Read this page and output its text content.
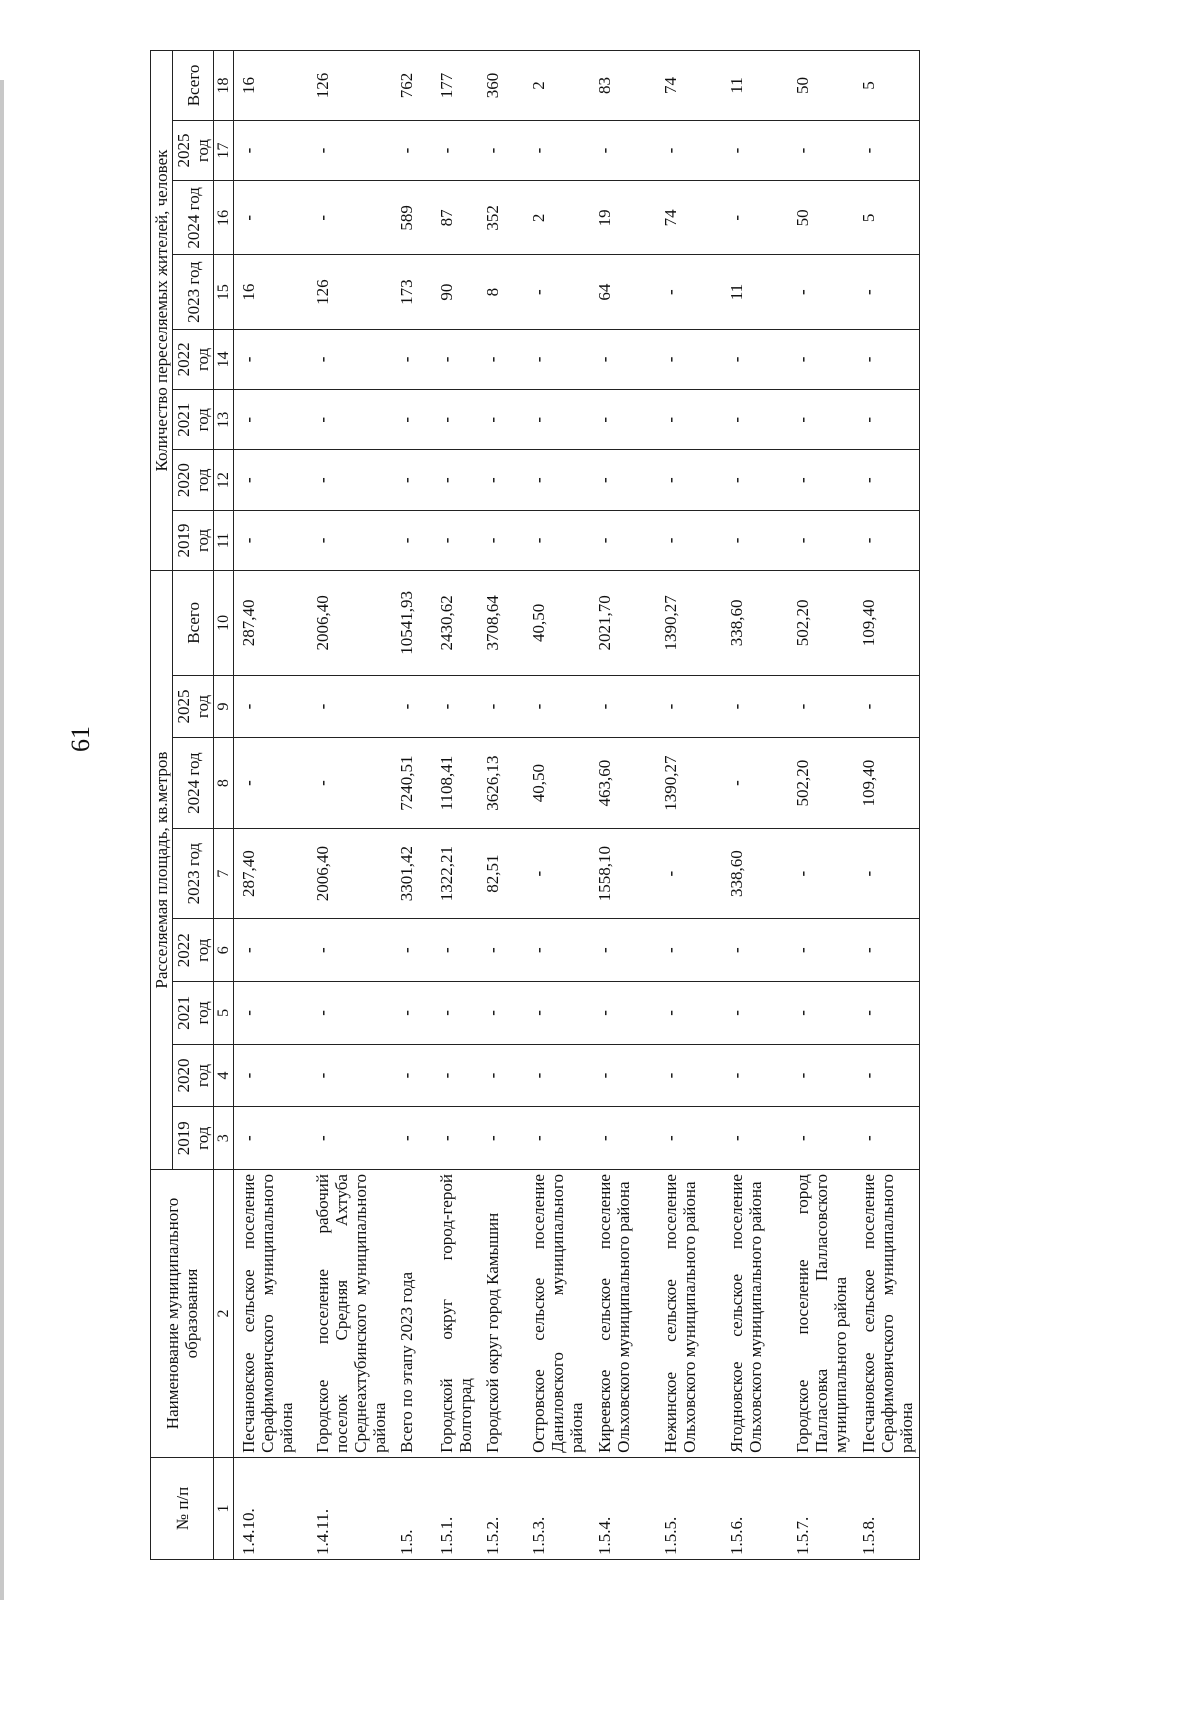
61
№ п/п	Наименование муниципального образования	Расселяемая площадь, кв.метров								Количество переселяемых жителей, человек							
		2019 год	2020 год	2021 год	2022 год	2023 год	2024 год	2025 год	Всего	2019 год	2020 год	2021 год	2022 год	2023 год	2024 год	2025 год	Всего
1	2	3	4	5	6	7	8	9	10	11	12	13	14	15	16	17	18
1.4.10.	Песчановское сельское поселение Серафимовичского муниципального района	-	-	-	-	287,40	-	-	287,40	-	-	-	-	16	-	-	16
1.4.11.	Городское поселение рабочий поселок Средняя Ахтуба Среднеахтубинского муниципального района	-	-	-	-	2006,40	-	-	2006,40	-	-	-	-	126	-	-	126
1.5.	Всего по этапу 2023 года	-	-	-	-	3301,42	7240,51	-	10541,93	-	-	-	-	173	589	-	762
1.5.1.	Городской округ город-герой Волгоград	-	-	-	-	1322,21	1108,41	-	2430,62	-	-	-	-	90	87	-	177
1.5.2.	Городской округ город Камышин	-	-	-	-	82,51	3626,13	-	3708,64	-	-	-	-	8	352	-	360
1.5.3.	Островское сельское поселение Даниловского муниципального района	-	-	-	-	-	40,50	-	40,50	-	-	-	-	-	2	-	2
1.5.4.	Киреевское сельское поселение Ольховского муниципального района	-	-	-	-	1558,10	463,60	-	2021,70	-	-	-	-	64	19	-	83
1.5.5.	Нежинское сельское поселение Ольховского муниципального района	-	-	-	-	-	1390,27	-	1390,27	-	-	-	-	-	74	-	74
1.5.6.	Ягодновское сельское поселение Ольховского муниципального района	-	-	-	-	338,60	-	-	338,60	-	-	-	-	11	-	-	11
1.5.7.	Городское поселение город Палласовка Палласовского муниципального района	-	-	-	-	-	502,20	-	502,20	-	-	-	-	-	50	-	50
1.5.8.	Песчановское сельское поселение Серафимовичского муниципального района	-	-	-	-	-	109,40	-	109,40	-	-	-	-	-	5	-	5
